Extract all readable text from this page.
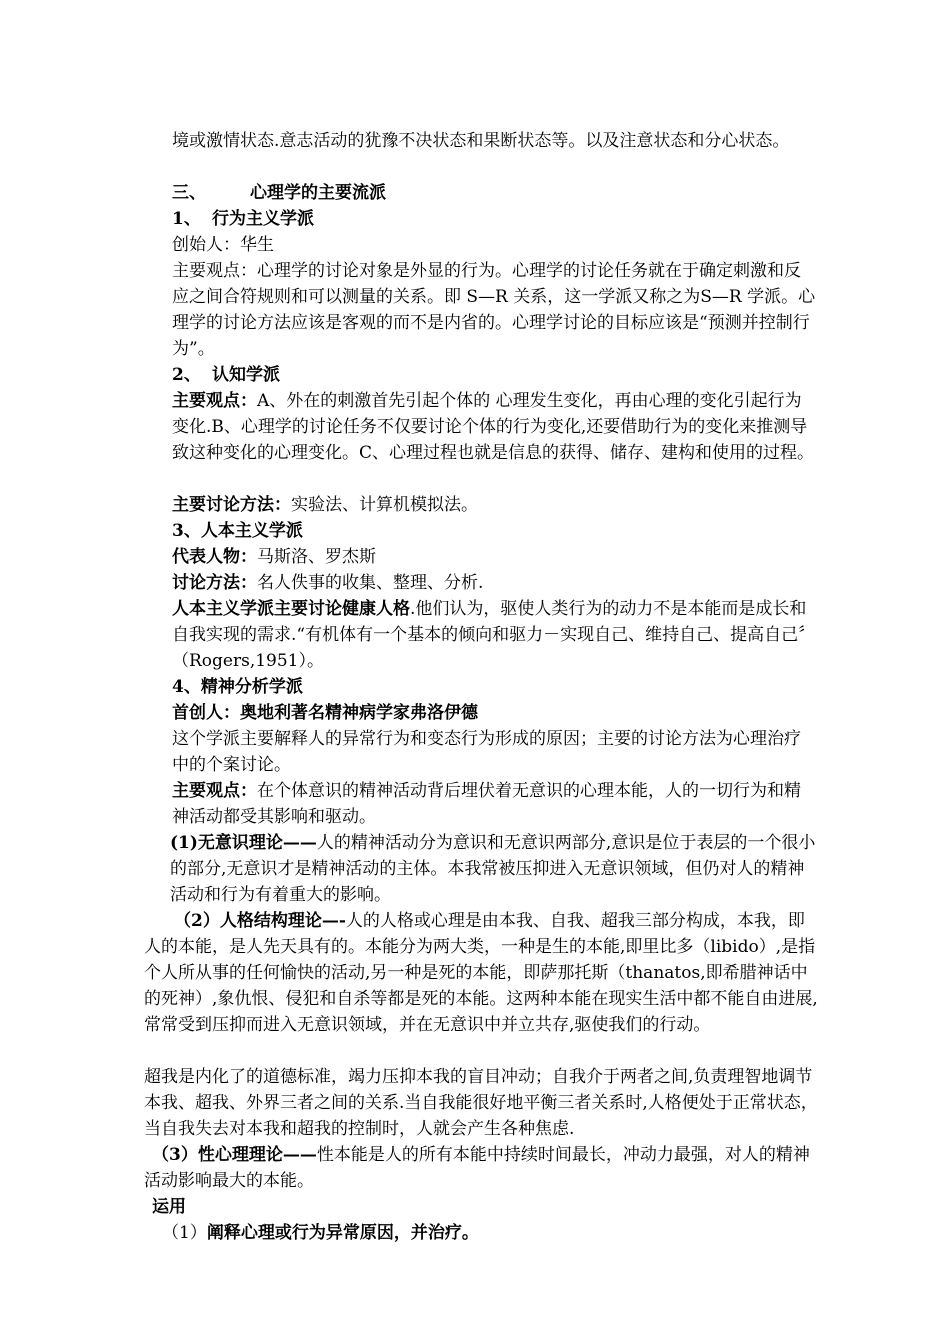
境或激情状态.意志活动的犹豫不决状态和果断状态等。以及注意状态和分心状态。

三、	心理学的主要流派

1、 行为主义学派

创始人：华生

主要观点：心理学的讨论对象是外显的行为。心理学的讨论任务就在于确定刺激和反应之间合符规则和可以测量的关系。即 S—R 关系，这一学派又称之为S—R 学派。心理学的讨论方法应该是客观的而不是内省的。心理学讨论的目标应该是“预测并控制行为”。

2、 认知学派

主要观点：A、外在的刺激首先引起个体的 心理发生变化，再由心理的变化引起行为变化.B、心理学的讨论任务不仅要讨论个体的行为变化,还要借助行为的变化来推测导致这种变化的心理变化。C、心理过程也就是信息的获得、储存、建构和使用的过程。

主要讨论方法：实验法、计算机模拟法。

3、人本主义学派

代表人物：马斯洛、罗杰斯

讨论方法：名人佚事的收集、整理、分析.

人本主义学派主要讨论健康人格.他们认为，驱使人类行为的动力不是本能而是成长和自我实现的需求.“有机体有一个基本的倾向和驱力－实现自己、维持自己、提高自己〞（Rogers,1951）。

4、精神分析学派

首创人：奥地利著名精神病学家弗洛伊德

这个学派主要解释人的异常行为和变态行为形成的原因；主要的讨论方法为心理治疗中的个案讨论。

主要观点：在个体意识的精神活动背后埋伏着无意识的心理本能，人的一切行为和精神活动都受其影响和驱动。

(1)无意识理论——人的精神活动分为意识和无意识两部分,意识是位于表层的一个很小的部分,无意识才是精神活动的主体。本我常被压抑进入无意识领域，但仍对人的精神活动和行为有着重大的影响。

（2）人格结构理论—-人的人格或心理是由本我、自我、超我三部分构成，本我，即人的本能，是人先天具有的。本能分为两大类，一种是生的本能,即里比多（libido）,是指个人所从事的任何愉快的活动,另一种是死的本能，即萨那托斯（thanatos,即希腊神话中的死神）,象仇恨、侵犯和自杀等都是死的本能。这两种本能在现实生活中都不能自由进展,常常受到压抑而进入无意识领域，并在无意识中并立共存,驱使我们的行动。

超我是内化了的道德标准，竭力压抑本我的盲目冲动；自我介于两者之间,负责理智地调节本我、超我、外界三者之间的关系.当自我能很好地平衡三者关系时,人格便处于正常状态，当自我失去对本我和超我的控制时，人就会产生各种焦虑.

（3）性心理理论——性本能是人的所有本能中持续时间最长，冲动力最强，对人的精神活动影响最大的本能。

运用

（1）阐释心理或行为异常原因，并治疗。
